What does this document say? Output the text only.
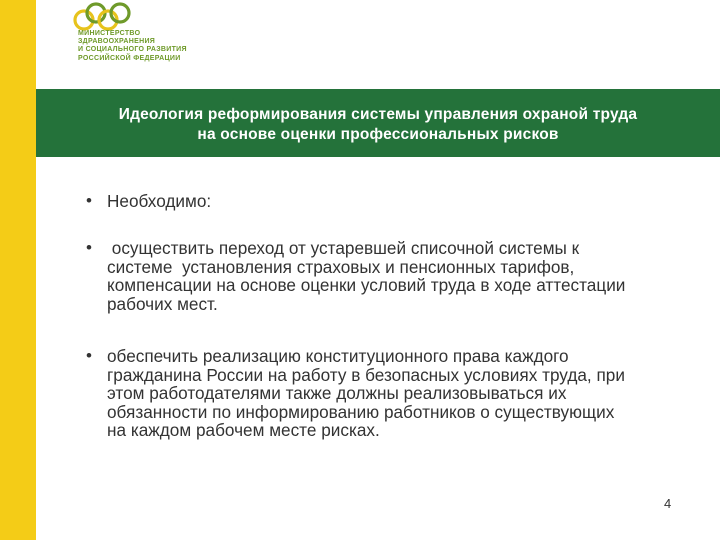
МИНИСТЕРСТВО
ЗДРАВООХРАНЕНИЯ
И СОЦИАЛЬНОГО РАЗВИТИЯ
РОССИЙСКОЙ ФЕДЕРАЦИИ
Идеология реформирования системы управления охраной труда
на основе оценки профессиональных рисков
• Необходимо:
• осуществить переход от устаревшей списочной системы к
системе  установления страховых и пенсионных тарифов,
компенсации на основе оценки условий труда в ходе аттестации
рабочих мест.
• обеспечить реализацию конституционного права каждого
гражданина России на работу в безопасных условиях труда, при
этом работодателями также должны реализовываться их
обязанности по информированию работников о существующих
на каждом рабочем месте рисках.
4
